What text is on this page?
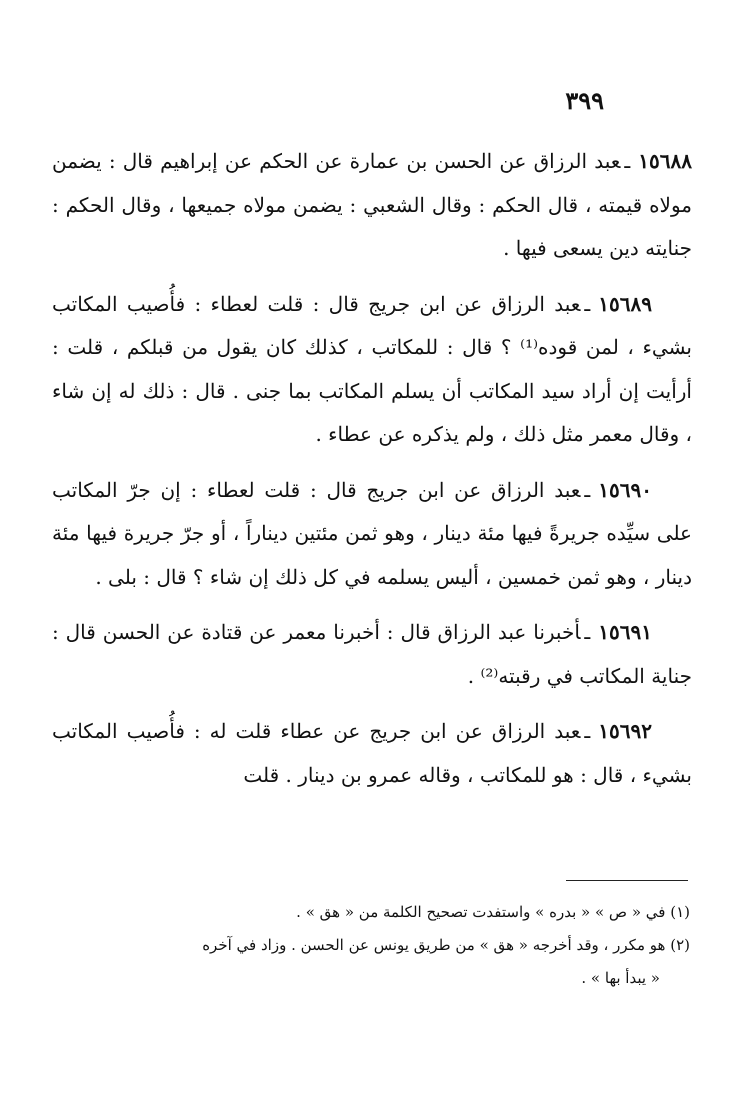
٣٩٩

١٥٦٨٨ـعبد الرزاق عن الحسن بن عمارة عن الحكم عن إبراهيم قال : يضمن مولاه قيمته ، قال الحكم : وقال الشعبي : يضمن مولاه جميعها ، وقال الحكم : جنايته دين يسعى فيها .

١٥٦٨٩ـعبد الرزاق عن ابن جريج قال : قلت لعطاء : فأُصيب المكاتب بشيء ، لمن قوده⁽¹⁾ ؟ قال : للمكاتب ، كذلك كان يقول من قبلكم ، قلت : أرأيت إن أراد سيد المكاتب أن يسلم المكاتب بما جنى . قال : ذلك له إن شاء ، وقال معمر مثل ذلك ، ولم يذكره عن عطاء .

١٥٦٩٠ـعبد الرزاق عن ابن جريج قال : قلت لعطاء : إن جرّ المكاتب على سيِّده جريرةً فيها مئة دينار ، وهو ثمن مئتين ديناراً ، أو جرّ جريرة فيها مئة دينار ، وهو ثمن خمسين ، أليس يسلمه في كل ذلك إن شاء ؟ قال : بلى .

١٥٦٩١ـأخبرنا عبد الرزاق قال : أخبرنا معمر عن قتادة عن الحسن قال : جناية المكاتب في رقبته⁽²⁾ .

١٥٦٩٢ـعبد الرزاق عن ابن جريج عن عطاء قلت له : فأُصيب المكاتب بشيء ، قال : هو للمكاتب ، وقاله عمرو بن دينار . قلت

(١) في « ص » « بدره » واستفدت تصحيح الكلمة من « هق » .

(٢) هو مكرر ، وقد أخرجه « هق » من طريق يونس عن الحسن . وزاد في آخره

« يبدأ بها » .
